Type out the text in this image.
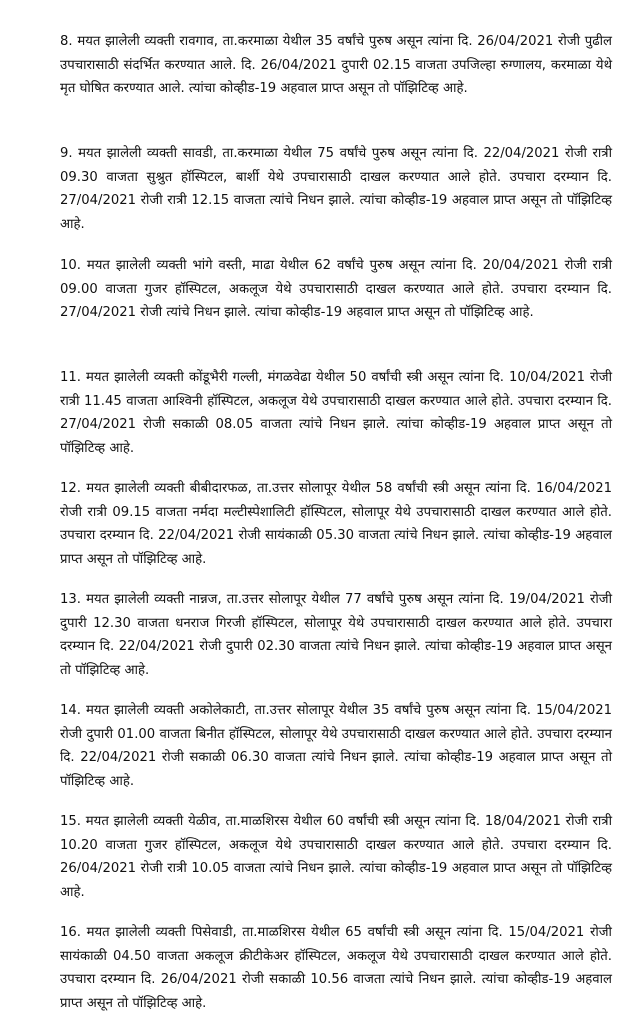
8. मयत झालेली व्यक्ती रावगाव, ता.करमाळा येथील 35 वर्षांचे पुरुष असून त्यांना दि. 26/04/2021 रोजी पुढील उपचारासाठी संदर्भित करण्यात आले. दि. 26/04/2021 दुपारी 02.15 वाजता उपजिल्हा रुग्णालय, करमाळा येथे मृत घोषित करण्यात आले. त्यांचा कोव्हीड-19 अहवाल प्राप्त असून तो पॉझिटिव्ह आहे.
9. मयत झालेली व्यक्ती सावडी, ता.करमाळा येथील 75 वर्षांचे पुरुष असून त्यांना दि. 22/04/2021 रोजी रात्री 09.30 वाजता सुश्रुत हॉस्पिटल, बार्शी येथे उपचारासाठी दाखल करण्यात आले होते. उपचारा दरम्यान दि. 27/04/2021 रोजी रात्री 12.15 वाजता त्यांचे निधन झाले. त्यांचा कोव्हीड-19 अहवाल प्राप्त असून तो पॉझिटिव्ह आहे.
10. मयत झालेली व्यक्ती भांगे वस्ती, माढा येथील 62 वर्षांचे पुरुष असून त्यांना दि. 20/04/2021 रोजी रात्री 09.00 वाजता गुजर हॉस्पिटल, अकलूज येथे उपचारासाठी दाखल करण्यात आले होते. उपचारा दरम्यान दि. 27/04/2021 रोजी त्यांचे निधन झाले. त्यांचा कोव्हीड-19 अहवाल प्राप्त असून तो पॉझिटिव्ह आहे.
11. मयत झालेली व्यक्ती कोंडूभैरी गल्ली, मंगळवेढा येथील 50 वर्षांची स्त्री असून त्यांना दि. 10/04/2021 रोजी रात्री 11.45 वाजता आश्विनी हॉस्पिटल, अकलूज येथे उपचारासाठी दाखल करण्यात आले होते. उपचारा दरम्यान दि. 27/04/2021 रोजी सकाळी 08.05 वाजता त्यांचे निधन झाले. त्यांचा कोव्हीड-19 अहवाल प्राप्त असून तो पॉझिटिव्ह आहे.
12. मयत झालेली व्यक्ती बीबीदारफळ, ता.उत्तर सोलापूर येथील 58 वर्षांची स्त्री असून त्यांना दि. 16/04/2021 रोजी रात्री 09.15 वाजता नर्मदा मल्टीस्पेशालिटी हॉस्पिटल, सोलापूर येथे उपचारासाठी दाखल करण्यात आले होते. उपचारा दरम्यान दि. 22/04/2021 रोजी सायंकाळी 05.30 वाजता त्यांचे निधन झाले. त्यांचा कोव्हीड-19 अहवाल प्राप्त असून तो पॉझिटिव्ह आहे.
13. मयत झालेली व्यक्ती नान्नज, ता.उत्तर सोलापूर येथील 77 वर्षांचे पुरुष असून त्यांना दि. 19/04/2021 रोजी दुपारी 12.30 वाजता धनराज गिरजी हॉस्पिटल, सोलापूर येथे उपचारासाठी दाखल करण्यात आले होते. उपचारा दरम्यान दि. 22/04/2021 रोजी दुपारी 02.30 वाजता त्यांचे निधन झाले. त्यांचा कोव्हीड-19 अहवाल प्राप्त असून तो पॉझिटिव्ह आहे.
14. मयत झालेली व्यक्ती अकोलेकाटी, ता.उत्तर सोलापूर येथील 35 वर्षांचे पुरुष असून त्यांना दि. 15/04/2021 रोजी दुपारी 01.00 वाजता बिनीत हॉस्पिटल, सोलापूर येथे उपचारासाठी दाखल करण्यात आले होते. उपचारा दरम्यान दि. 22/04/2021 रोजी सकाळी 06.30 वाजता त्यांचे निधन झाले. त्यांचा कोव्हीड-19 अहवाल प्राप्त असून तो पॉझिटिव्ह आहे.
15. मयत झालेली व्यक्ती येळीव, ता.माळशिरस येथील 60 वर्षांची स्त्री असून त्यांना दि. 18/04/2021 रोजी रात्री 10.20 वाजता गुजर हॉस्पिटल, अकलूज येथे उपचारासाठी दाखल करण्यात आले होते. उपचारा दरम्यान दि. 26/04/2021 रोजी रात्री 10.05 वाजता त्यांचे निधन झाले. त्यांचा कोव्हीड-19 अहवाल प्राप्त असून तो पॉझिटिव्ह आहे.
16. मयत झालेली व्यक्ती पिसेवाडी, ता.माळशिरस येथील 65 वर्षांची स्त्री असून त्यांना दि. 15/04/2021 रोजी सायंकाळी 04.50 वाजता अकलूज क्रीटीकेअर हॉस्पिटल, अकलूज येथे उपचारासाठी दाखल करण्यात आले होते. उपचारा दरम्यान दि. 26/04/2021 रोजी सकाळी 10.56 वाजता त्यांचे निधन झाले. त्यांचा कोव्हीड-19 अहवाल प्राप्त असून तो पॉझिटिव्ह आहे.
